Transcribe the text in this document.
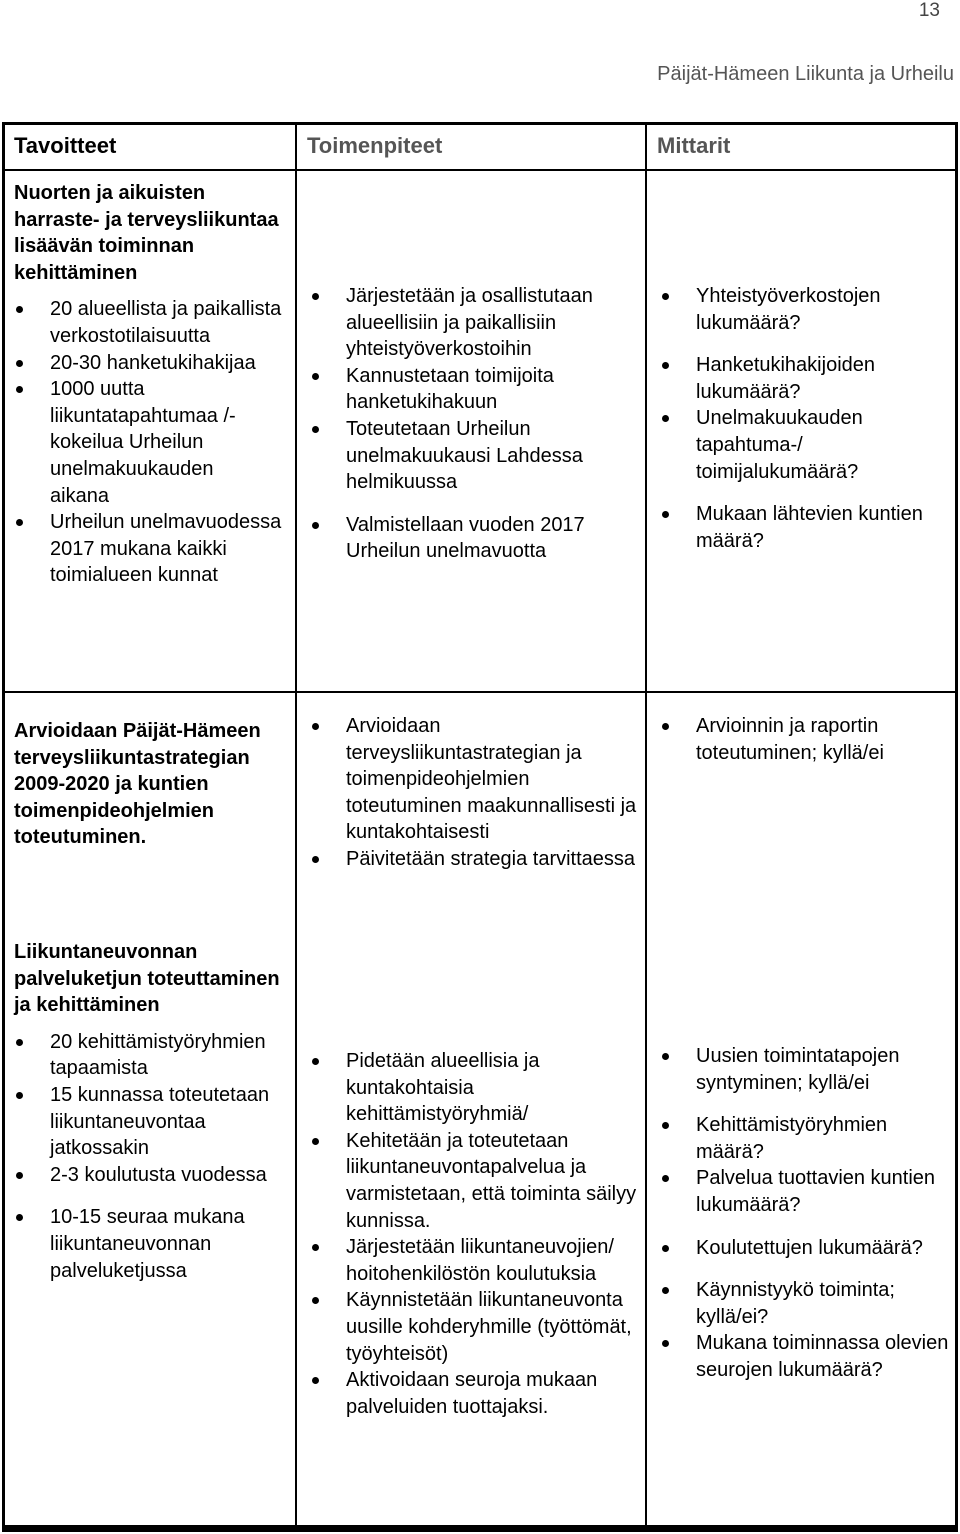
13
Päijät-Hämeen Liikunta ja Urheilu
Tavoitteet	Toimenpiteet	Mittarit
Nuorten ja aikuisten harraste- ja terveysliikuntaa lisäävän toiminnan kehittäminen
20 alueellista ja paikallista verkostotilaisuutta
20-30 hanketukihakijaa
1000 uutta liikuntatapahtumaa /-kokeilua Urheilun unelmakuukauden aikana
Urheilun unelmavuodessa 2017 mukana kaikki toimialueen kunnat
Järjestetään ja osallistutaan alueellisiin ja paikallisiin yhteistyöverkostoihin
Kannustetaan toimijoita hanketukihakuun
Toteutetaan Urheilun unelmakuukausi Lahdessa helmikuussa
Valmistellaan vuoden 2017 Urheilun unelmavuotta
Yhteistyöverkostojen lukumäärä?
Hanketukihakijoiden lukumäärä?
Unelmakuukauden tapahtuma-/ toimijalukumäärä?
Mukaan lähtevien kuntien määrä?
Arvioidaan Päijät-Hämeen terveysliikuntastrategian 2009-2020 ja kuntien toimenpideohjelmien toteutuminen.
Arvioidaan terveysliikuntastrategian ja toimenpideohjelmien toteutuminen maakunnallisesti ja kuntakohtaisesti
Päivitetään strategia tarvittaessa
Arvioinnin ja raportin toteutuminen; kyllä/ei
Liikuntaneuvonnan palveluketjun toteuttaminen ja kehittäminen
20 kehittämistyöryhmien tapaamista
15 kunnassa toteutetaan liikuntaneuvontaa jatkossakin
2-3 koulutusta vuodessa
10-15 seuraa mukana liikuntaneuvonnan palveluketjussa
Pidetään alueellisia ja kuntakohtaisia kehittämistyöryhmiä/
Kehitetään ja toteutetaan liikuntaneuvontapalvelua ja varmistetaan, että toiminta säilyy kunnissa.
Järjestetään liikuntaneuvojien/ hoitohenkilöstön koulutuksia
Käynnistetään liikuntaneuvonta uusille kohderyhmille (työttömät, työyhteisöt)
Aktivoidaan seuroja mukaan palveluiden tuottajaksi.
Uusien toimintatapojen syntyminen; kyllä/ei
Kehittämistyöryhmien määrä?
Palvelua tuottavien kuntien lukumäärä?
Koulutettujen lukumäärä?
Käynnistyykö toiminta; kyllä/ei?
Mukana toiminnassa olevien seurojen lukumäärä?
